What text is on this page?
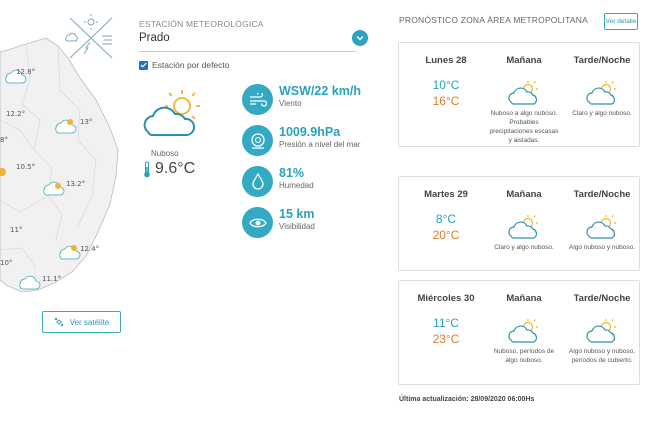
12.8°
12.2°
13°
8°
10.5°
13.2°
11°
12.4°
10°
11.1°
Ver satélite
ESTACIÓN METEOROLÓGICA
Prado
Estación por defecto
Nuboso
9.6°C
WSW/22 km/h
Viento
1009.9hPa
Presión a nivel del mar
81%
Humedad
15 km
Visibilidad
PRONÓSTICO ZONA ÁREA METROPOLITANA	Ver detalle
Lunes 28
10°C
16°C
Mañana
Nuboso a algo nuboso. Probables precipitaciones escasas y aisladas.
Tarde/Noche
Claro y algo nuboso.
Martes 29
8°C
20°C
Mañana
Claro y algo nuboso.
Tarde/Noche
Algo nuboso y nuboso.
Miércoles 30
11°C
23°C
Mañana
Nuboso, períodos de algo nuboso.
Tarde/Noche
Algo nuboso y nuboso, períodos de cubierto.
Última actualización: 28/09/2020 06:00Hs
